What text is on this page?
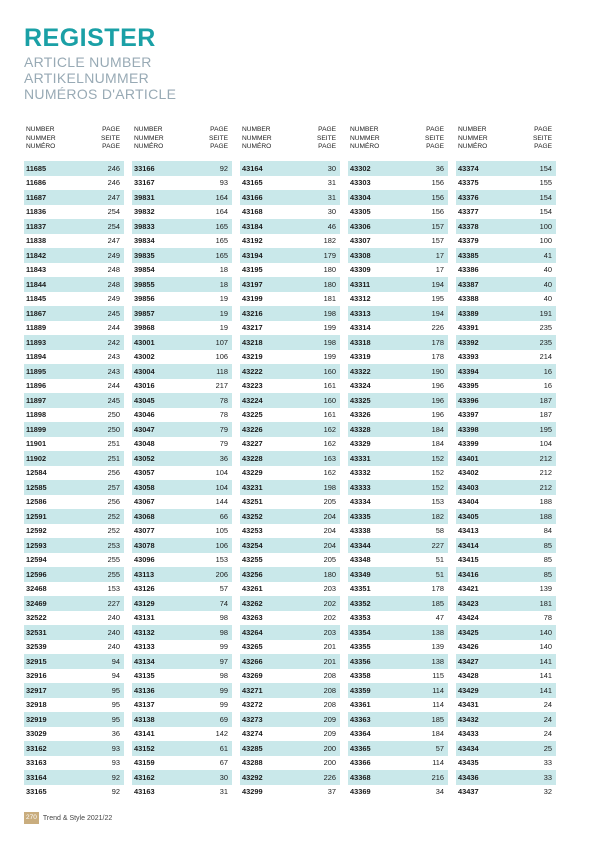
REGISTER
ARTICLE NUMBER
ARTIKELNUMMER
NUMÉROS D'ARTICLE
NUMBER
NUMMER
NUMÉRO
PAGE
SEITE
PAGE
11685	246
11686	246
11687	247
11836	254
11837	254
11838	247
11842	249
11843	248
11844	248
11845	249
11867	245
11889	244
11893	242
11894	243
11895	243
11896	244
11897	245
11898	250
11899	250
11901	251
11902	251
12584	256
12585	257
12586	256
12591	252
12592	252
12593	253
12594	255
12596	255
32468	153
32469	227
32522	240
32531	240
32539	240
32915	94
32916	94
32917	95
32918	95
32919	95
33029	36
33162	93
33163	93
33164	92
33165	92
NUMBER
NUMMER
NUMÉRO
PAGE
SEITE
PAGE
33166	92
33167	93
39831	164
39832	164
39833	165
39834	165
39835	165
39854	18
39855	18
39856	19
39857	19
39868	19
43001	107
43002	106
43004	118
43016	217
43045	78
43046	78
43047	79
43048	79
43052	36
43057	104
43058	104
43067	144
43068	66
43077	105
43078	106
43096	153
43113	206
43126	57
43129	74
43131	98
43132	98
43133	99
43134	97
43135	98
43136	99
43137	99
43138	69
43141	142
43152	61
43159	67
43162	30
43163	31
NUMBER
NUMMER
NUMÉRO
PAGE
SEITE
PAGE
43164	30
43165	31
43166	31
43168	30
43184	46
43192	182
43194	179
43195	180
43197	180
43199	181
43216	198
43217	199
43218	198
43219	199
43222	160
43223	161
43224	160
43225	161
43226	162
43227	162
43228	163
43229	162
43231	198
43251	205
43252	204
43253	204
43254	204
43255	205
43256	180
43261	203
43262	202
43263	202
43264	203
43265	201
43266	201
43269	208
43271	208
43272	208
43273	209
43274	209
43285	200
43288	200
43292	226
43299	37
NUMBER
NUMMER
NUMÉRO
PAGE
SEITE
PAGE
43302	36
43303	156
43304	156
43305	156
43306	157
43307	157
43308	17
43309	17
43311	194
43312	195
43313	194
43314	226
43318	178
43319	178
43322	190
43324	196
43325	196
43326	196
43328	184
43329	184
43331	152
43332	152
43333	152
43334	153
43335	182
43338	58
43344	227
43348	51
43349	51
43351	178
43352	185
43353	47
43354	138
43355	139
43356	138
43358	115
43359	114
43361	114
43363	185
43364	184
43365	57
43366	114
43368	216
43369	34
NUMBER
NUMMER
NUMÉRO
PAGE
SEITE
PAGE
43374	154
43375	155
43376	154
43377	154
43378	100
43379	100
43385	41
43386	40
43387	40
43388	40
43389	191
43391	235
43392	235
43393	214
43394	16
43395	16
43396	187
43397	187
43398	195
43399	104
43401	212
43402	212
43403	212
43404	188
43405	188
43413	84
43414	85
43415	85
43416	85
43421	139
43423	181
43424	78
43425	140
43426	140
43427	141
43428	141
43429	141
43431	24
43432	24
43433	24
43434	25
43435	33
43436	33
43437	32
270 Trend & Style 2021/22
